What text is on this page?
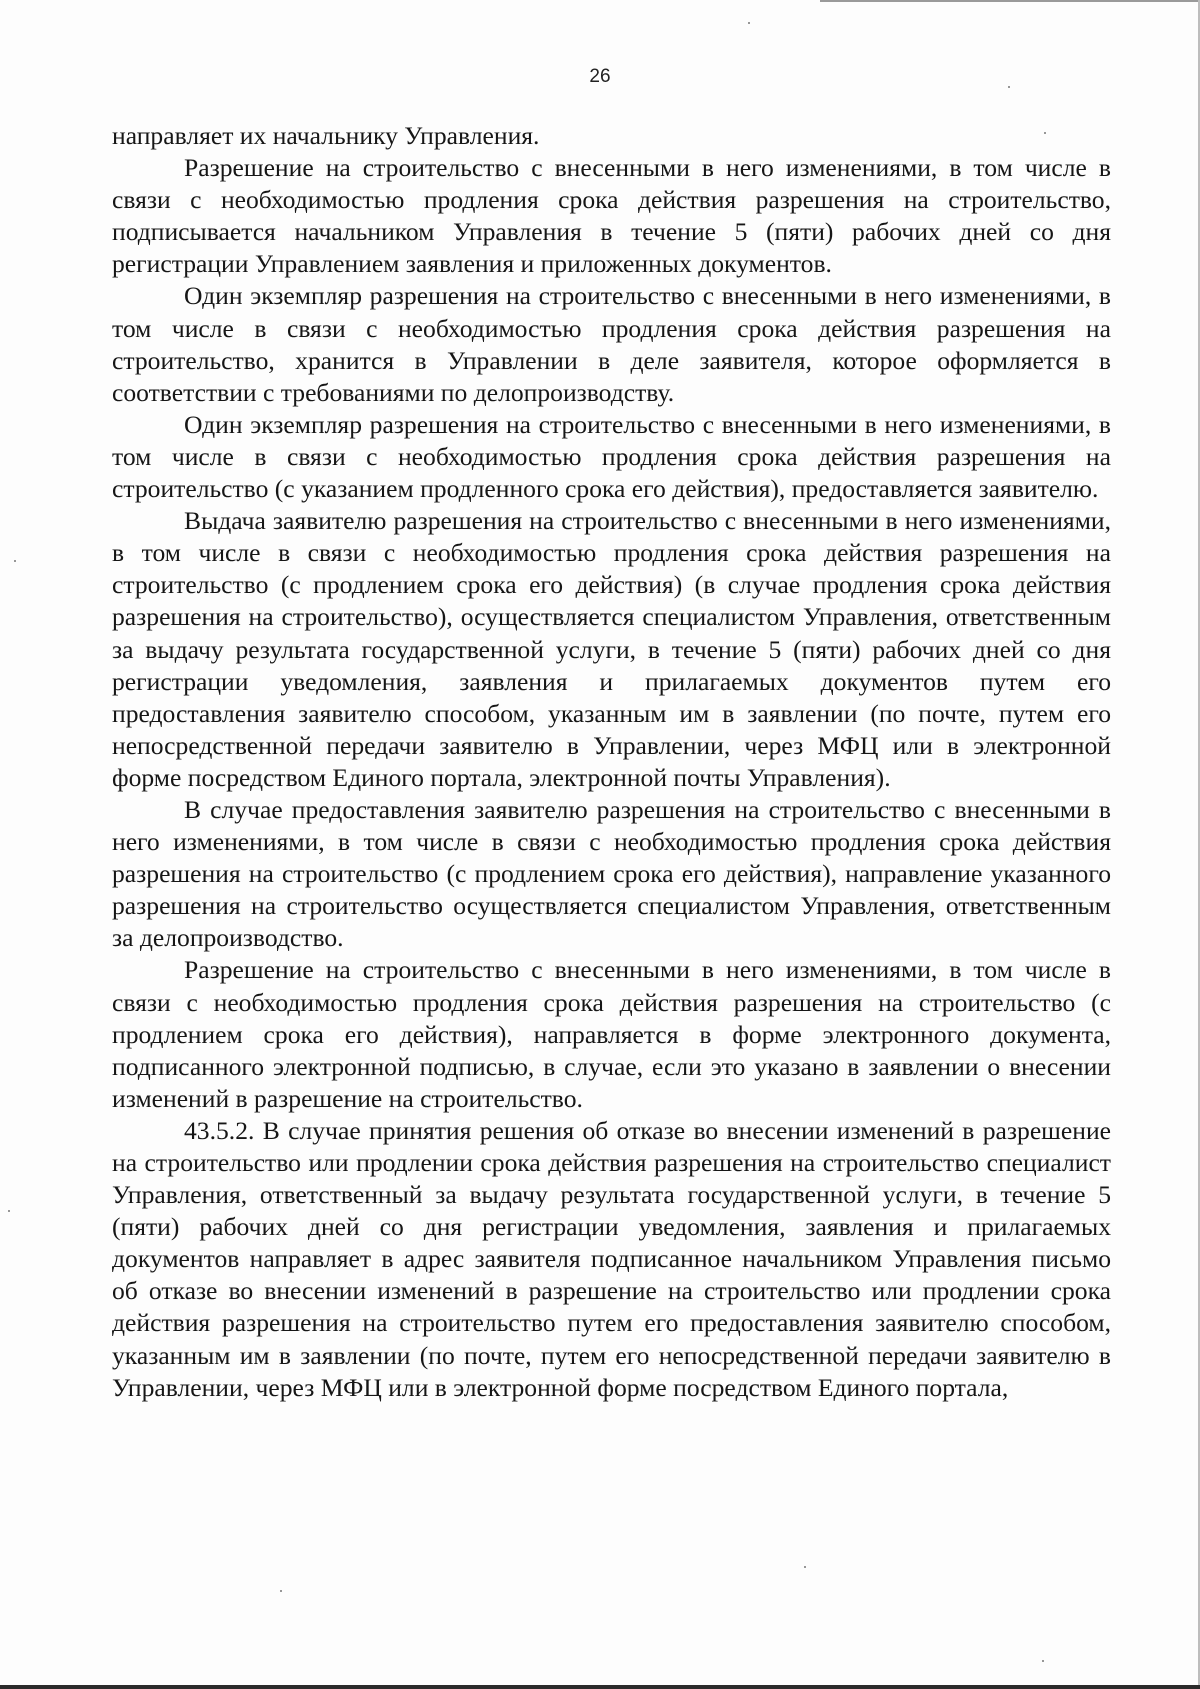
26

направляет их начальнику Управления.

Разрешение на строительство с внесенными в него изменениями, в том числе в связи с необходимостью продления срока действия разрешения на строительство, подписывается начальником Управления в течение 5 (пяти) рабочих дней со дня регистрации Управлением заявления и приложенных документов.

Один экземпляр разрешения на строительство с внесенными в него изменениями, в том числе в связи с необходимостью продления срока действия разрешения на строительство, хранится в Управлении в деле заявителя, которое оформляется в соответствии с требованиями по делопроизводству.

Один экземпляр разрешения на строительство с внесенными в него изменениями, в том числе в связи с необходимостью продления срока действия разрешения на строительство (с указанием продленного срока его действия), предоставляется заявителю.

Выдача заявителю разрешения на строительство с внесенными в него изменениями, в том числе в связи с необходимостью продления срока действия разрешения на строительство (с продлением срока его действия) (в случае продления срока действия разрешения на строительство), осуществляется специалистом Управления, ответственным за выдачу результата государственной услуги, в течение 5 (пяти) рабочих дней со дня регистрации уведомления, заявления и прилагаемых документов путем его предоставления заявителю способом, указанным им в заявлении (по почте, путем его непосредственной передачи заявителю в Управлении, через МФЦ или в электронной форме посредством Единого портала, электронной почты Управления).

В случае предоставления заявителю разрешения на строительство с внесенными в него изменениями, в том числе в связи с необходимостью продления срока действия разрешения на строительство (с продлением срока его действия), направление указанного разрешения на строительство осуществляется специалистом Управления, ответственным за делопроизводство.

Разрешение на строительство с внесенными в него изменениями, в том числе в связи с необходимостью продления срока действия разрешения на строительство (с продлением срока его действия), направляется в форме электронного документа, подписанного электронной подписью, в случае, если это указано в заявлении о внесении изменений в разрешение на строительство.

43.5.2. В случае принятия решения об отказе во внесении изменений в разрешение на строительство или продлении срока действия разрешения на строительство специалист Управления, ответственный за выдачу результата государственной услуги, в течение 5 (пяти) рабочих дней со дня регистрации уведомления, заявления и прилагаемых документов направляет в адрес заявителя подписанное начальником Управления письмо об отказе во внесении изменений в разрешение на строительство или продлении срока действия разрешения на строительство путем его предоставления заявителю способом, указанным им в заявлении (по почте, путем его непосредственной передачи заявителю в Управлении, через МФЦ или в электронной форме посредством Единого портала,
